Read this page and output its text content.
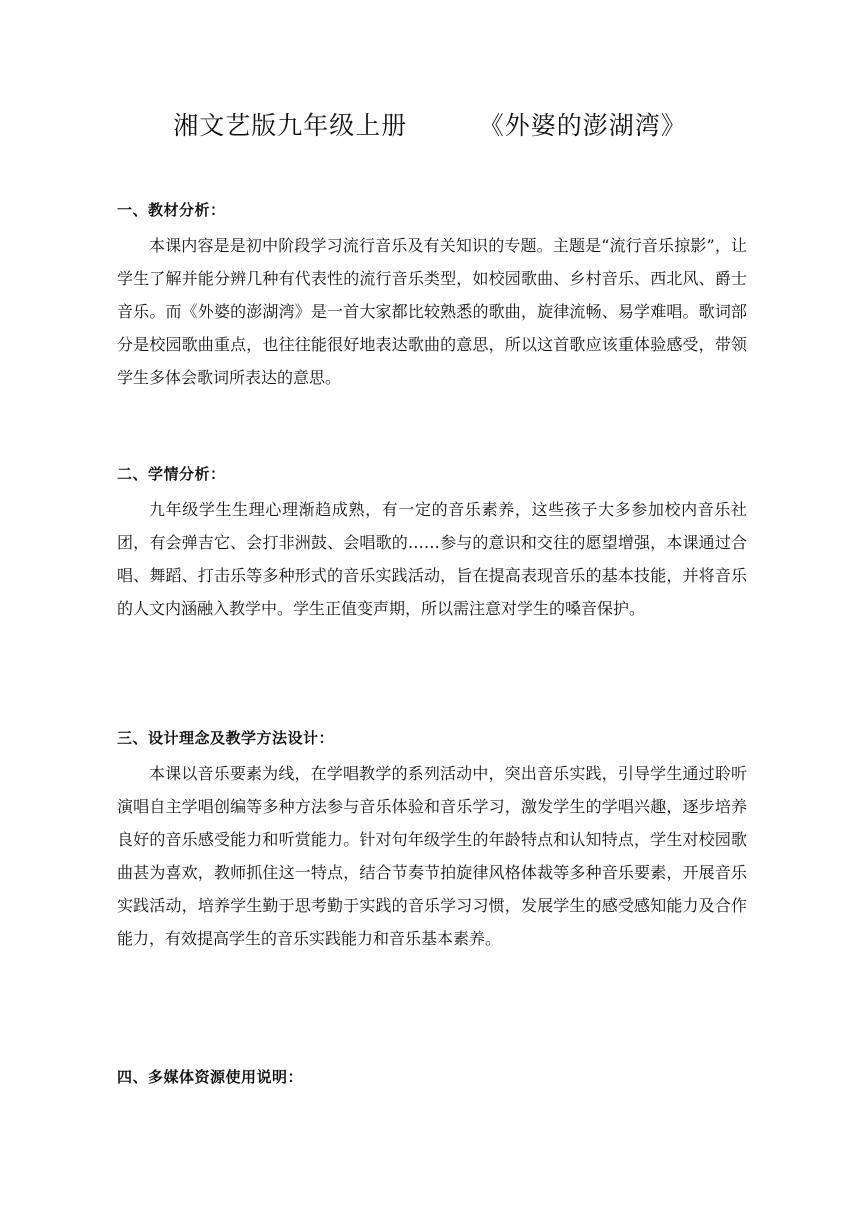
湘文艺版九年级上册        《外婆的澎湖湾》
一、教材分析：
本课内容是是初中阶段学习流行音乐及有关知识的专题。主题是“流行音乐掠影”，让学生了解并能分辨几种有代表性的流行音乐类型，如校园歌曲、乡村音乐、西北风、爵士音乐。而《外婆的澎湖湾》是一首大家都比较熟悉的歌曲，旋律流畅、易学难唱。歌词部分是校园歌曲重点，也往往能很好地表达歌曲的意思，所以这首歌应该重体验感受，带领学生多体会歌词所表达的意思。
二、学情分析：
九年级学生生理心理渐趋成熟，有一定的音乐素养，这些孩子大多参加校内音乐社团，有会弹吉它、会打非洲鼓、会唱歌的……参与的意识和交往的愿望增强，本课通过合唱、舞蹈、打击乐等多种形式的音乐实践活动，旨在提高表现音乐的基本技能，并将音乐的人文内涵融入教学中。学生正值变声期，所以需注意对学生的嗓音保护。
三、设计理念及教学方法设计：
本课以音乐要素为线，在学唱教学的系列活动中，突出音乐实践，引导学生通过聆听演唱自主学唱创编等多种方法参与音乐体验和音乐学习，激发学生的学唱兴趣，逐步培养良好的音乐感受能力和听赏能力。针对句年级学生的年龄特点和认知特点，学生对校园歌曲甚为喜欢，教师抓住这一特点，结合节奏节拍旋律风格体裁等多种音乐要素，开展音乐实践活动，培养学生勤于思考勤于实践的音乐学习习惯，发展学生的感受感知能力及合作能力，有效提高学生的音乐实践能力和音乐基本素养。
四、多媒体资源使用说明：
